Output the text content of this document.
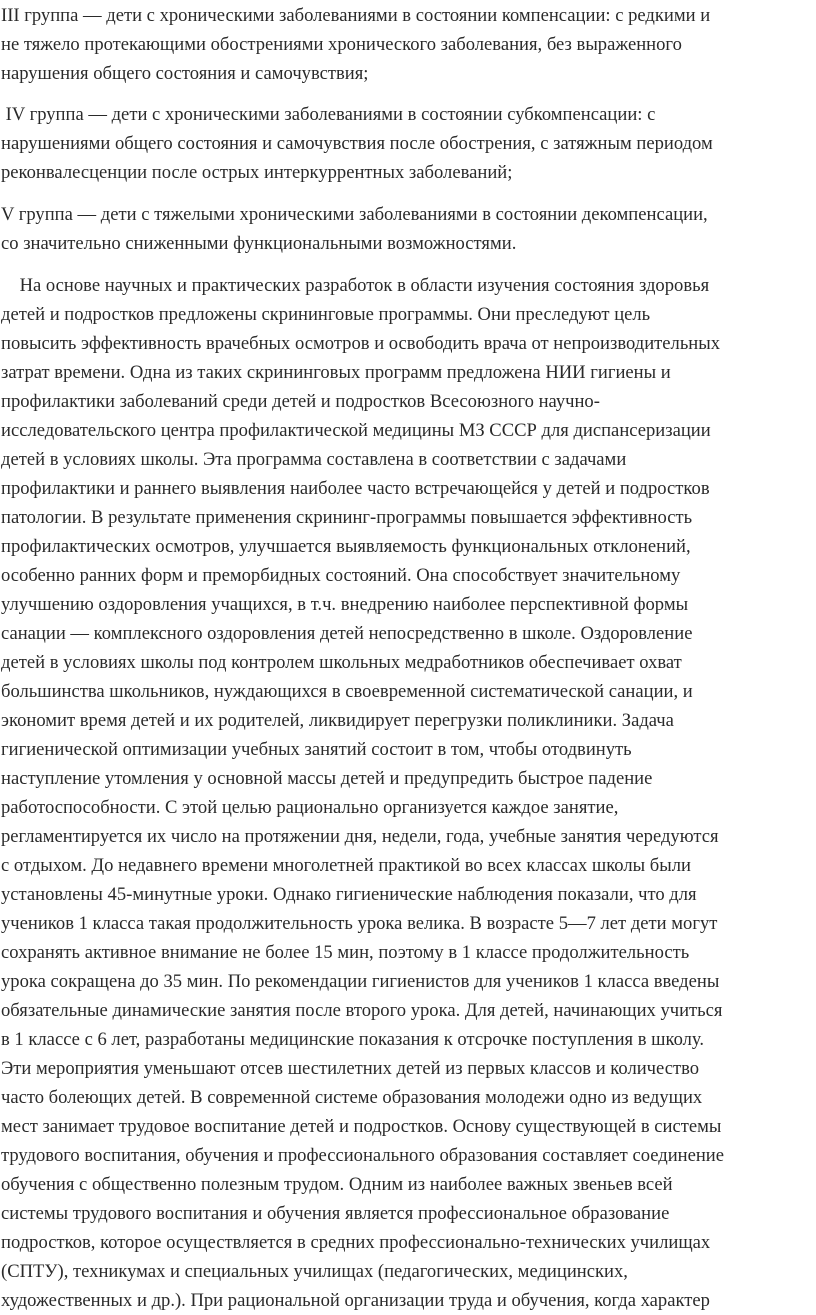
III группа — дети с хроническими заболеваниями в состоянии компенсации: с редкими и

не тяжело протекающими обострениями хронического заболевания, без выраженного

нарушения общего состояния и самочувствия;

IV группа — дети с хроническими заболеваниями в состоянии субкомпенсации: с

нарушениями общего состояния и самочувствия после обострения, с затяжным периодом

реконвалесценции после острых интеркуррентных заболеваний;

V группа — дети с тяжелыми хроническими заболеваниями в состоянии декомпенсации,

со значительно сниженными функциональными возможностями.

На основе научных и практических разработок в области изучения состояния здоровья

детей и подростков предложены скрининговые программы. Они преследуют цель

повысить эффективность врачебных осмотров и освободить врача от непроизводительных

затрат времени. Одна из таких скрининговых программ предложена НИИ гигиены и

профилактики заболеваний среди детей и подростков Всесоюзного научно-

исследовательского центра профилактической медицины МЗ СССР для диспансеризации

детей в условиях школы. Эта программа составлена в соответствии с задачами

профилактики и раннего выявления наиболее часто встречающейся у детей и подростков

патологии. В результате применения скрининг-программы повышается эффективность

профилактических осмотров, улучшается выявляемость функциональных отклонений,

особенно ранних форм и преморбидных состояний. Она способствует значительному

улучшению оздоровления учащихся, в т.ч. внедрению наиболее перспективной формы

санации — комплексного оздоровления детей непосредственно в школе. Оздоровление

детей в условиях школы под контролем школьных медработников обеспечивает охват

большинства школьников, нуждающихся в своевременной систематической санации, и

экономит время детей и их родителей, ликвидирует перегрузки поликлиники. Задача

гигиенической оптимизации учебных занятий состоит в том, чтобы отодвинуть

наступление утомления у основной массы детей и предупредить быстрое падение

работоспособности. С этой целью рационально организуется каждое занятие,

регламентируется их число на протяжении дня, недели, года, учебные занятия чередуются

с отдыхом. До недавнего времени многолетней практикой во всех классах школы были

установлены 45-минутные уроки. Однако гигиенические наблюдения показали, что для

учеников 1 класса такая продолжительность урока велика. В возрасте 5—7 лет дети могут

сохранять активное внимание не более 15 мин, поэтому в 1 классе продолжительность

урока сокращена до 35 мин. По рекомендации гигиенистов для учеников 1 класса введены

обязательные динамические занятия после второго урока. Для детей, начинающих учиться

в 1 классе с 6 лет, разработаны медицинские показания к отсрочке поступления в школу.

Эти мероприятия уменьшают отсев шестилетних детей из первых классов и количество

часто болеющих детей. В современной системе образования молодежи одно из ведущих

мест занимает трудовое воспитание детей и подростков. Основу существующей в системы

трудового воспитания, обучения и профессионального образования составляет соединение

обучения с общественно полезным трудом. Одним из наиболее важных звеньев всей

системы трудового воспитания и обучения является профессиональное образование

подростков, которое осуществляется в средних профессионально-технических училищах

(СПТУ), техникумах и специальных училищах (педагогических, медицинских,

художественных и др.). При рациональной организации труда и обучения, когда характер
